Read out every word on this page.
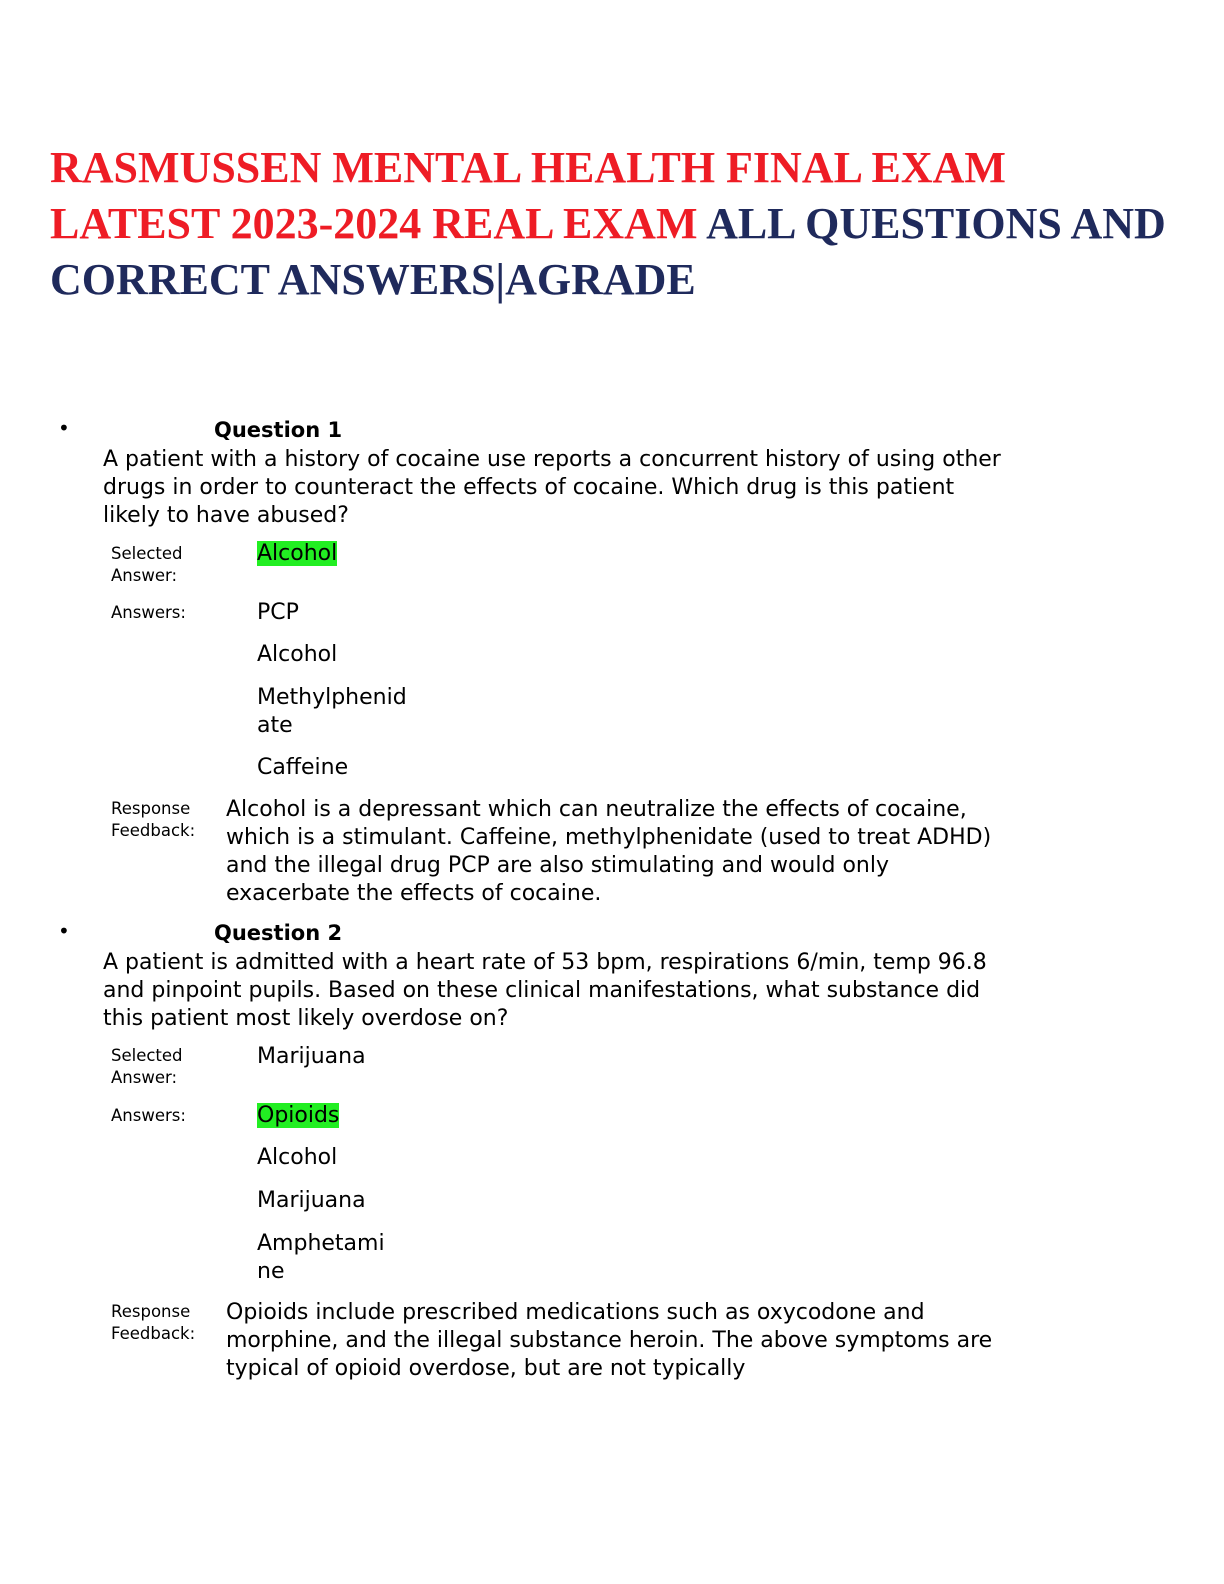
RASMUSSEN MENTAL HEALTH FINAL EXAM LATEST 2023-2024 REAL EXAM ALL QUESTIONS AND CORRECT ANSWERS|AGRADE
•	Question 1

A patient with a history of cocaine use reports a concurrent history of using other drugs in order to counteract the effects of cocaine. Which drug is this patient likely to have abused?

Selected Answer:
Alcohol
Answers:	PCP
Alcohol
Methylphenidate
Caffeine
Response Feedback:

Alcohol is a depressant which can neutralize the effects of cocaine, which is a stimulant. Caffeine, methylphenidate (used to treat ADHD) and the illegal drug PCP are also stimulating and would only exacerbate the effects of cocaine.

•	Question 2

A patient is admitted with a heart rate of 53 bpm, respirations 6/min, temp 96.8 and pinpoint pupils. Based on these clinical manifestations, what substance did this patient most likely overdose on?

Selected Answer:
Marijuana
Answers:	Opioids
Alcohol
Marijuana
Amphetamine
Response Feedback:

Opioids include prescribed medications such as oxycodone and morphine, and the illegal substance heroin. The above symptoms are typical of opioid overdose, but are not typically
